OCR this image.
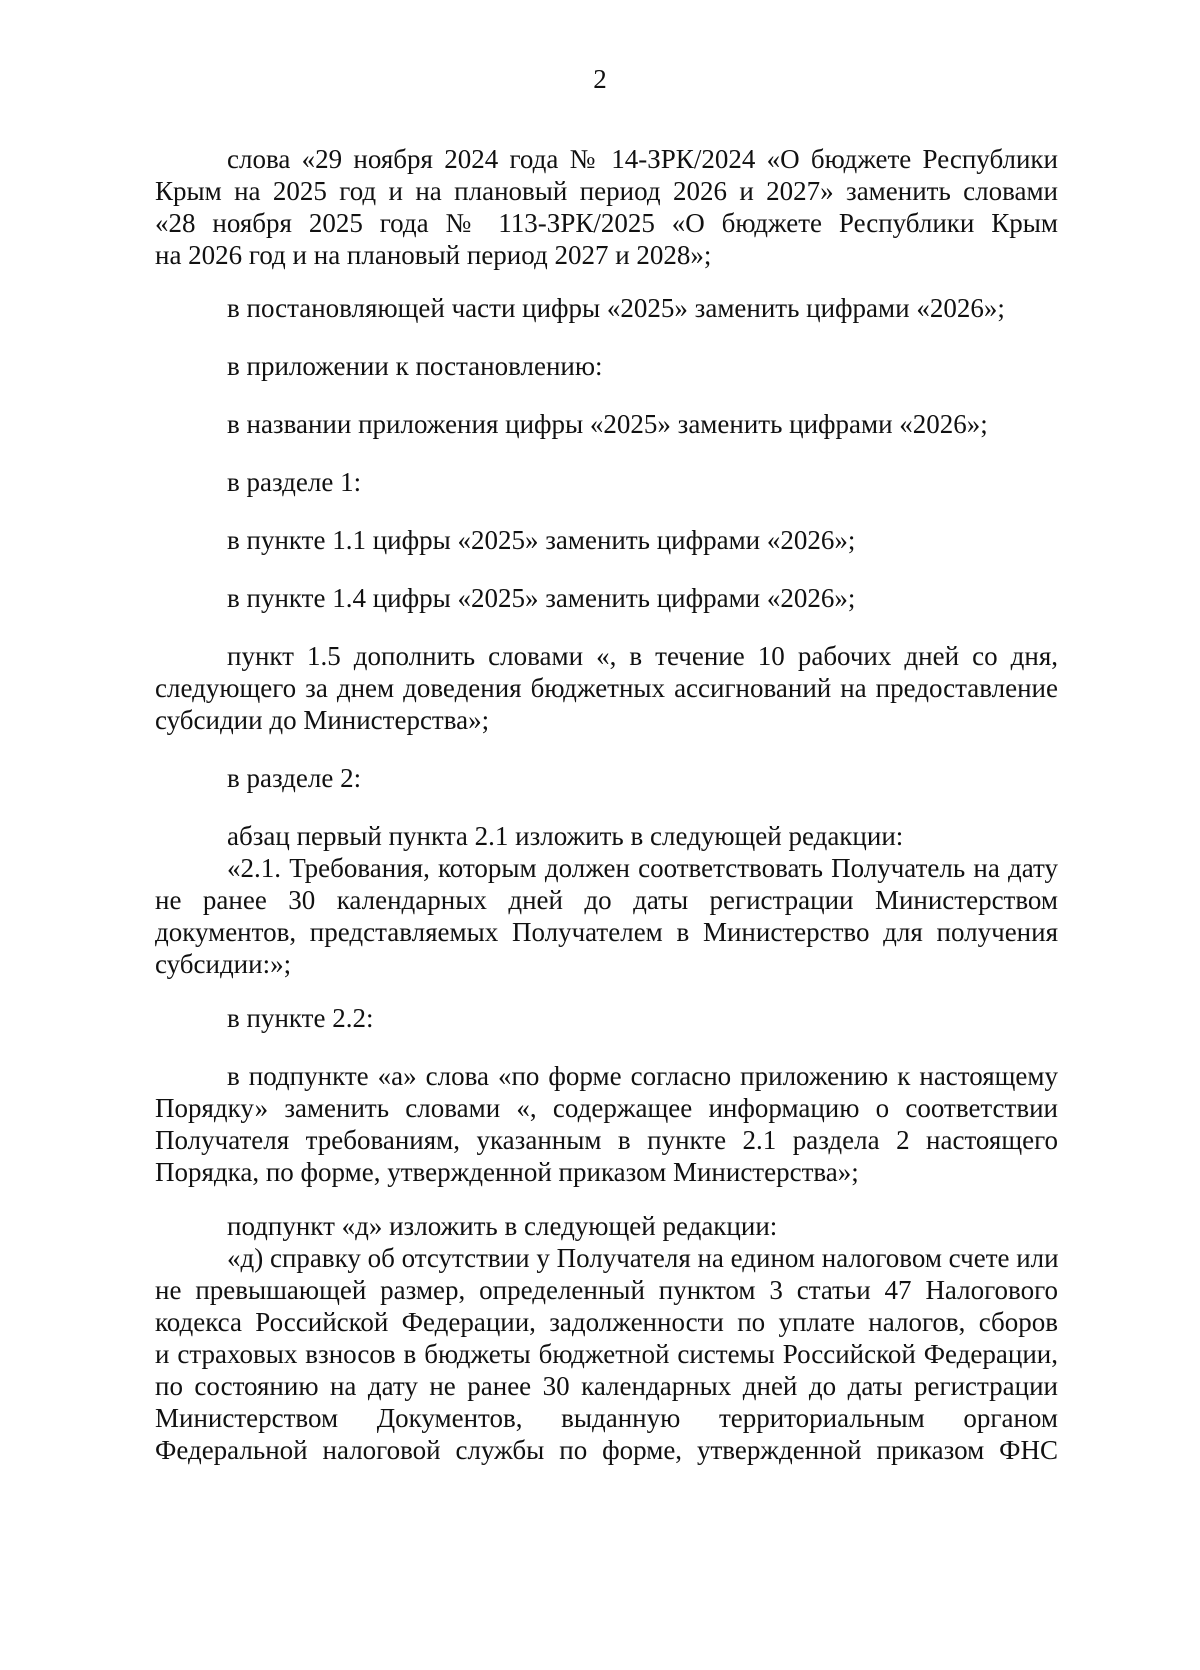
2
слова «29 ноября 2024 года № 14-ЗРК/2024 «О бюджете Республики
Крым на 2025 год и на плановый период 2026 и 2027» заменить словами
«28 ноября 2025 года № 113-ЗРК/2025 «О бюджете Республики Крым
на 2026 год и на плановый период 2027 и 2028»;
в постановляющей части цифры «2025» заменить цифрами «2026»;
в приложении к постановлению:
в названии приложения цифры «2025» заменить цифрами «2026»;
в разделе 1:
в пункте 1.1 цифры «2025» заменить цифрами «2026»;
в пункте 1.4 цифры «2025» заменить цифрами «2026»;
пункт 1.5 дополнить словами «, в течение 10 рабочих дней со дня,
следующего за днем доведения бюджетных ассигнований на предоставление
субсидии до Министерства»;
в разделе 2:
абзац первый пункта 2.1 изложить в следующей редакции:
«2.1. Требования, которым должен соответствовать Получатель на дату
не ранее 30 календарных дней до даты регистрации Министерством
документов, представляемых Получателем в Министерство для получения
субсидии:»;
в пункте 2.2:
в подпункте «а» слова «по форме согласно приложению к настоящему
Порядку» заменить словами «, содержащее информацию о соответствии
Получателя требованиям, указанным в пункте 2.1 раздела 2 настоящего
Порядка, по форме, утвержденной приказом Министерства»;
подпункт «д» изложить в следующей редакции:
«д) справку об отсутствии у Получателя на едином налоговом счете или
не превышающей размер, определенный пунктом 3 статьи 47 Налогового
кодекса Российской Федерации, задолженности по уплате налогов, сборов
и страховых взносов в бюджеты бюджетной системы Российской Федерации,
по состоянию на дату не ранее 30 календарных дней до даты регистрации
Министерством Документов, выданную территориальным органом
Федеральной налоговой службы по форме, утвержденной приказом ФНС
